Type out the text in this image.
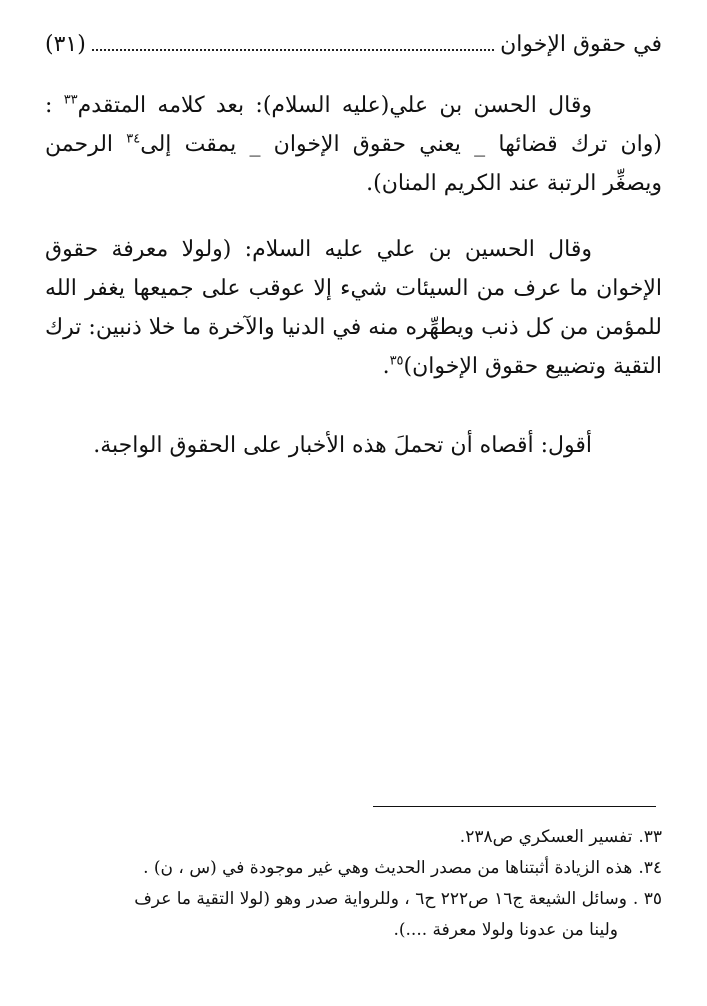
في حقوق الإخوان
(٣١)

وقال الحسن بن علي(عليه السلام): بعد كلامه المتقدم$^{٣٣}$ : (وان ترك قضائها _ يعني حقوق الإخوان _ يمقت إلى$^{٣٤}$ الرحمن ويصغِّر الرتبة عند الكريم المنان).

وقال الحسين بن علي عليه السلام: (ولولا معرفة حقوق الإخوان ما عرف من السيئات شيء إلا عوقب على جميعها يغفر الله للمؤمن من كل ذنب ويطهِّره منه في الدنيا والآخرة ما خلا ذنبين: ترك التقية وتضييع حقوق الإخوان)$^{٣٥}$.

أقول: أقصاه أن تحملَ هذه الأخبار على الحقوق الواجبة.

٣٣.تفسير العسكري ص٢٣٨.

٣٤.هذه الزيادة أثبتناها من مصدر الحديث وهي غير موجودة في (س ، ن) .

٣٥ .وسائل الشيعة ج١٦ ص٢٢٢ ح٦ ، وللرواية صدر وهو (لولا التقية ما عرف

ولينا من عدونا ولولا معرفة ....).
